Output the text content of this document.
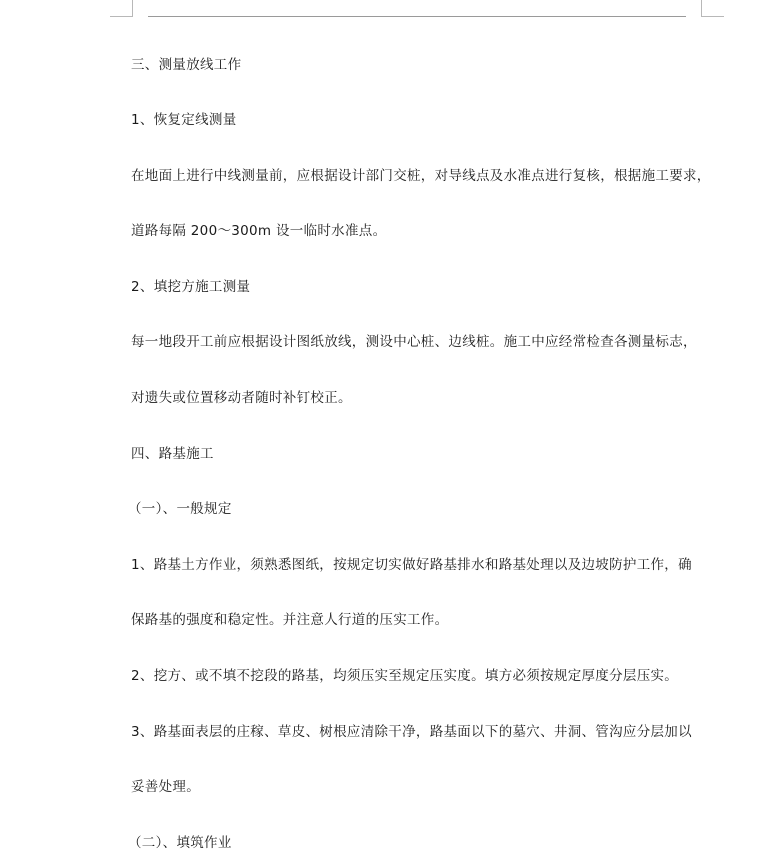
三、测量放线工作
1、恢复定线测量
在地面上进行中线测量前，应根据设计部门交桩，对导线点及水准点进行复核，根据施工要求，
道路每隔 200～300m 设一临时水准点。
2、填挖方施工测量
每一地段开工前应根据设计图纸放线，测设中心桩、边线桩。施工中应经常检查各测量标志，
对遗失或位置移动者随时补钉校正。
四、路基施工
（一）、一般规定
1、路基土方作业，须熟悉图纸，按规定切实做好路基排水和路基处理以及边坡防护工作，确
保路基的强度和稳定性。并注意人行道的压实工作。
2、挖方、或不填不挖段的路基，均须压实至规定压实度。填方必须按规定厚度分层压实。
3、路基面表层的庄稼、草皮、树根应清除干净，路基面以下的墓穴、井洞、管沟应分层加以
妥善处理。
（二）、填筑作业
